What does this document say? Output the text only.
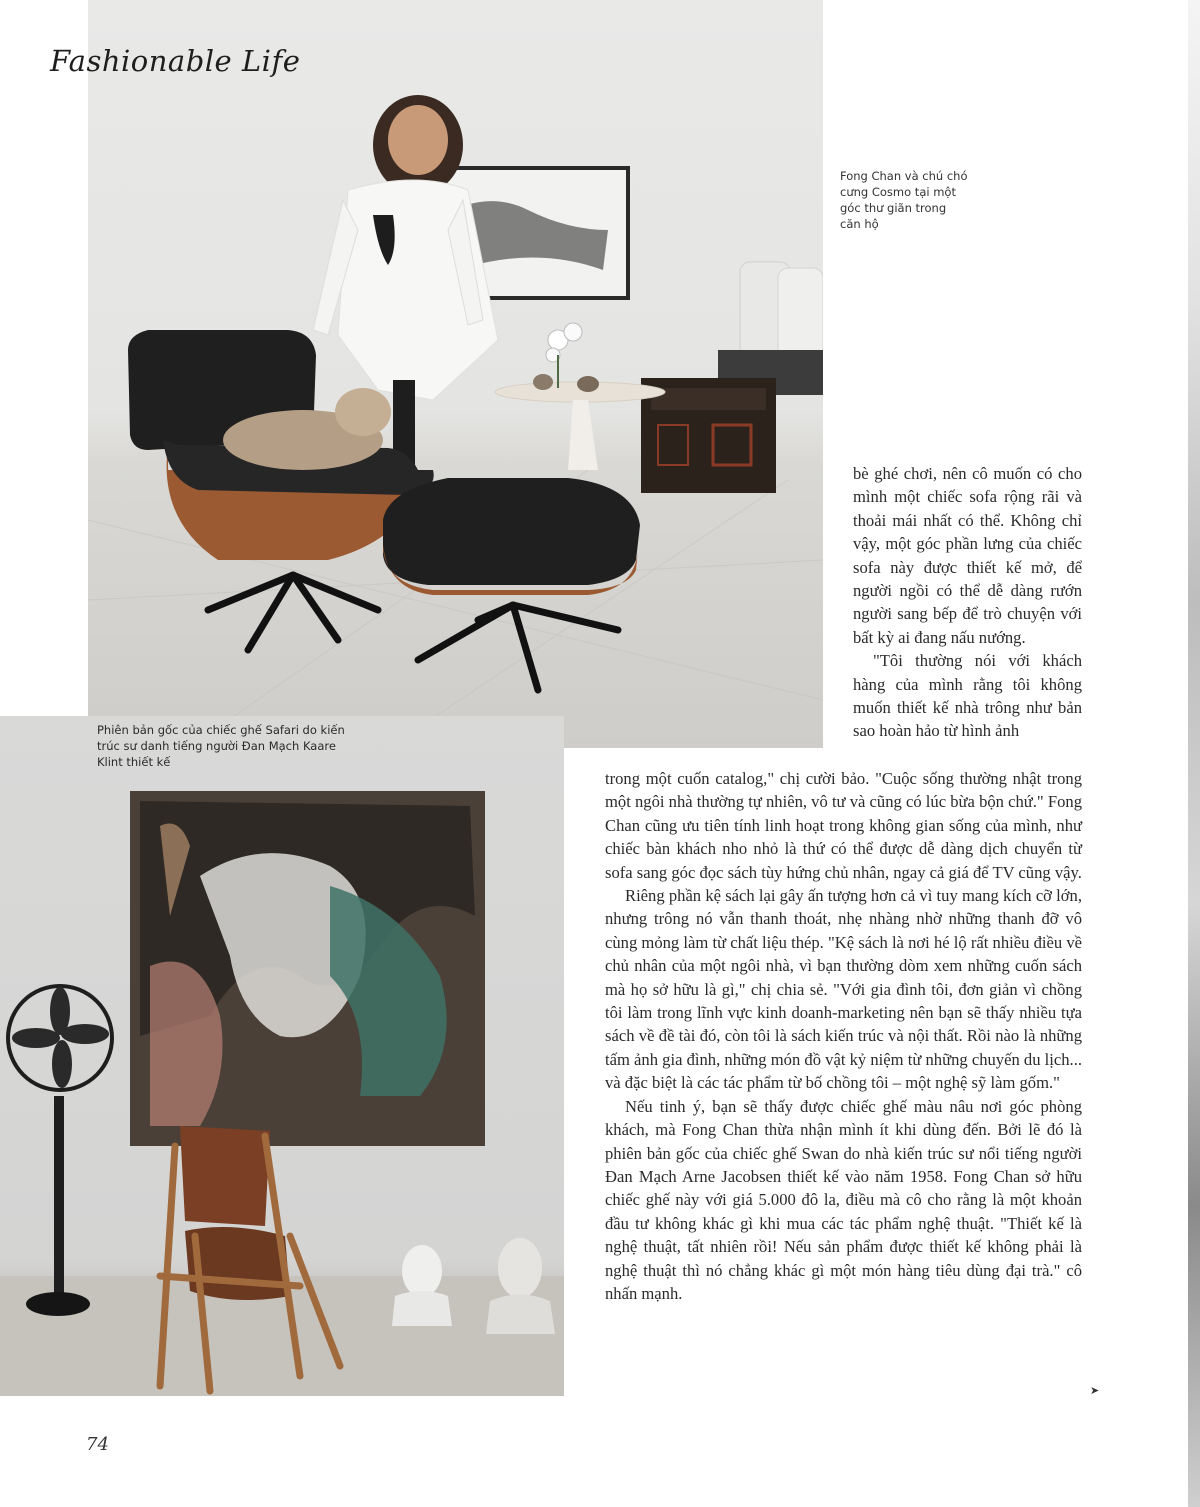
Fashionable Life

Fong Chan và chú chó cưng Cosmo tại một góc thư giãn trong căn hộ

Phiên bản gốc của chiếc ghế Safari do kiến trúc sư danh tiếng người Đan Mạch Kaare Klint thiết kế

bè ghé chơi, nên cô muốn có cho mình một chiếc sofa rộng rãi và thoải mái nhất có thể. Không chỉ vậy, một góc phần lưng của chiếc sofa này được thiết kế mở, để người ngồi có thể dễ dàng rướn người sang bếp để trò chuyện với bất kỳ ai đang nấu nướng.

"Tôi thường nói với khách hàng của mình rằng tôi không muốn thiết kế nhà trông như bản sao hoàn hảo từ hình ảnh

trong một cuốn catalog," chị cười bảo. "Cuộc sống thường nhật trong một ngôi nhà thường tự nhiên, vô tư và cũng có lúc bừa bộn chứ." Fong Chan cũng ưu tiên tính linh hoạt trong không gian sống của mình, như chiếc bàn khách nho nhỏ là thứ có thể được dễ dàng dịch chuyển từ sofa sang góc đọc sách tùy hứng chủ nhân, ngay cả giá để TV cũng vậy.

Riêng phần kệ sách lại gây ấn tượng hơn cả vì tuy mang kích cỡ lớn, nhưng trông nó vẫn thanh thoát, nhẹ nhàng nhờ những thanh đỡ vô cùng mỏng làm từ chất liệu thép. "Kệ sách là nơi hé lộ rất nhiều điều về chủ nhân của một ngôi nhà, vì bạn thường dòm xem những cuốn sách mà họ sở hữu là gì," chị chia sẻ. "Với gia đình tôi, đơn giản vì chồng tôi làm trong lĩnh vực kinh doanh-marketing nên bạn sẽ thấy nhiều tựa sách về đề tài đó, còn tôi là sách kiến trúc và nội thất. Rồi nào là những tấm ảnh gia đình, những món đồ vật kỷ niệm từ những chuyến du lịch... và đặc biệt là các tác phẩm từ bố chồng tôi – một nghệ sỹ làm gốm."

Nếu tinh ý, bạn sẽ thấy được chiếc ghế màu nâu nơi góc phòng khách, mà Fong Chan thừa nhận mình ít khi dùng đến. Bởi lẽ đó là phiên bản gốc của chiếc ghế Swan do nhà kiến trúc sư nổi tiếng người Đan Mạch Arne Jacobsen thiết kế vào năm 1958. Fong Chan sở hữu chiếc ghế này với giá 5.000 đô la, điều mà cô cho rằng là một khoản đầu tư không khác gì khi mua các tác phẩm nghệ thuật. "Thiết kế là nghệ thuật, tất nhiên rồi! Nếu sản phẩm được thiết kế không phải là nghệ thuật thì nó chẳng khác gì một món hàng tiêu dùng đại trà." cô nhấn mạnh.

74
➤
